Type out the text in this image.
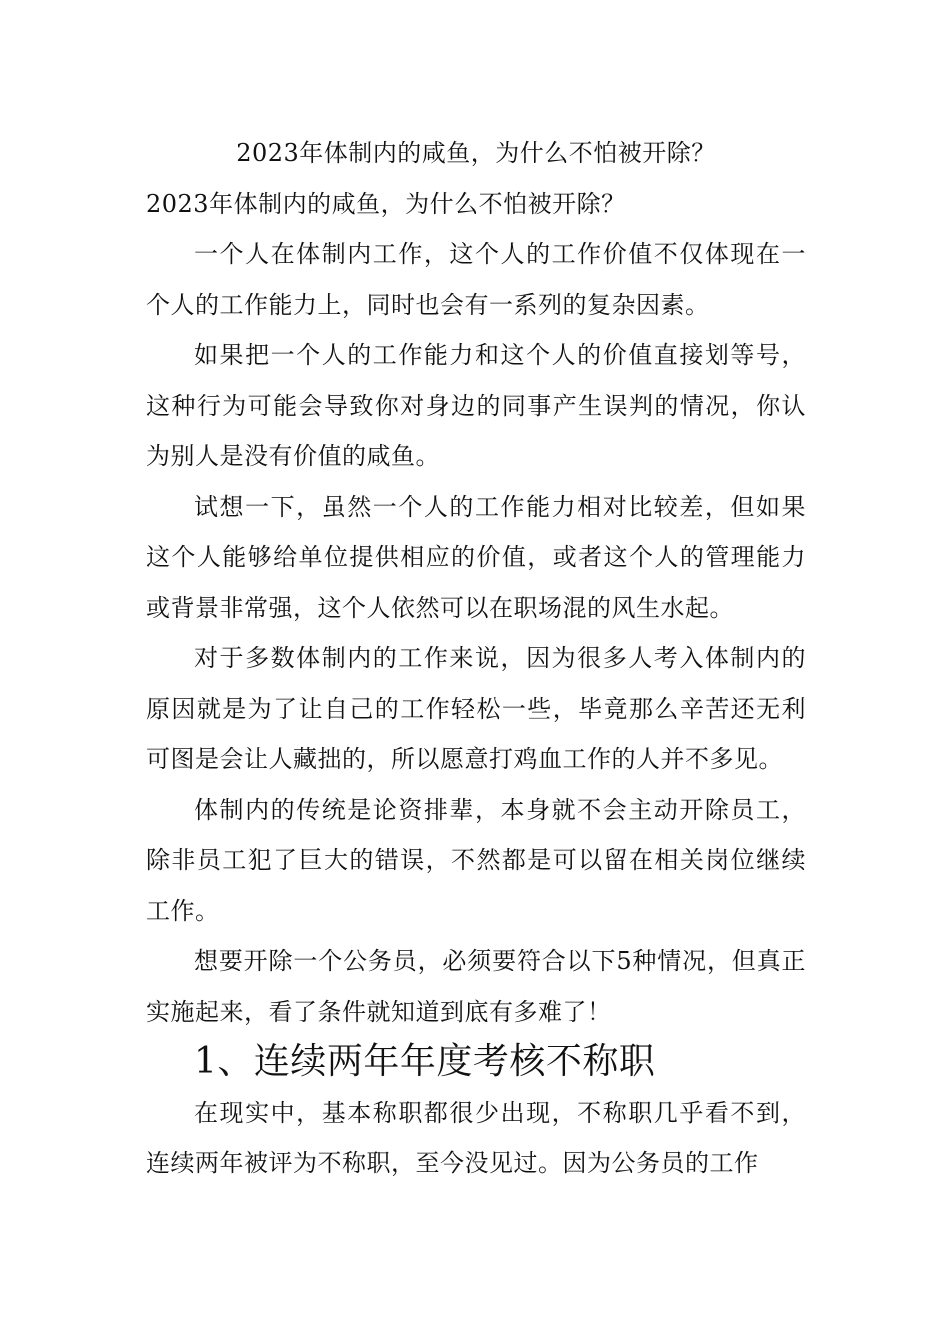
2023年体制内的咸鱼，为什么不怕被开除？

2023年体制内的咸鱼，为什么不怕被开除？

一个人在体制内工作，这个人的工作价值不仅体现在一个人的工作能力上，同时也会有一系列的复杂因素。

如果把一个人的工作能力和这个人的价值直接划等号，这种行为可能会导致你对身边的同事产生误判的情况，你认为别人是没有价值的咸鱼。

试想一下，虽然一个人的工作能力相对比较差，但如果这个人能够给单位提供相应的价值，或者这个人的管理能力或背景非常强，这个人依然可以在职场混的风生水起。

对于多数体制内的工作来说，因为很多人考入体制内的原因就是为了让自己的工作轻松一些，毕竟那么辛苦还无利可图是会让人藏拙的，所以愿意打鸡血工作的人并不多见。

体制内的传统是论资排辈，本身就不会主动开除员工，除非员工犯了巨大的错误，不然都是可以留在相关岗位继续工作。

想要开除一个公务员，必须要符合以下5种情况，但真正实施起来，看了条件就知道到底有多难了！

1、连续两年年度考核不称职

在现实中，基本称职都很少出现，不称职几乎看不到，连续两年被评为不称职，至今没见过。因为公务员的工作
